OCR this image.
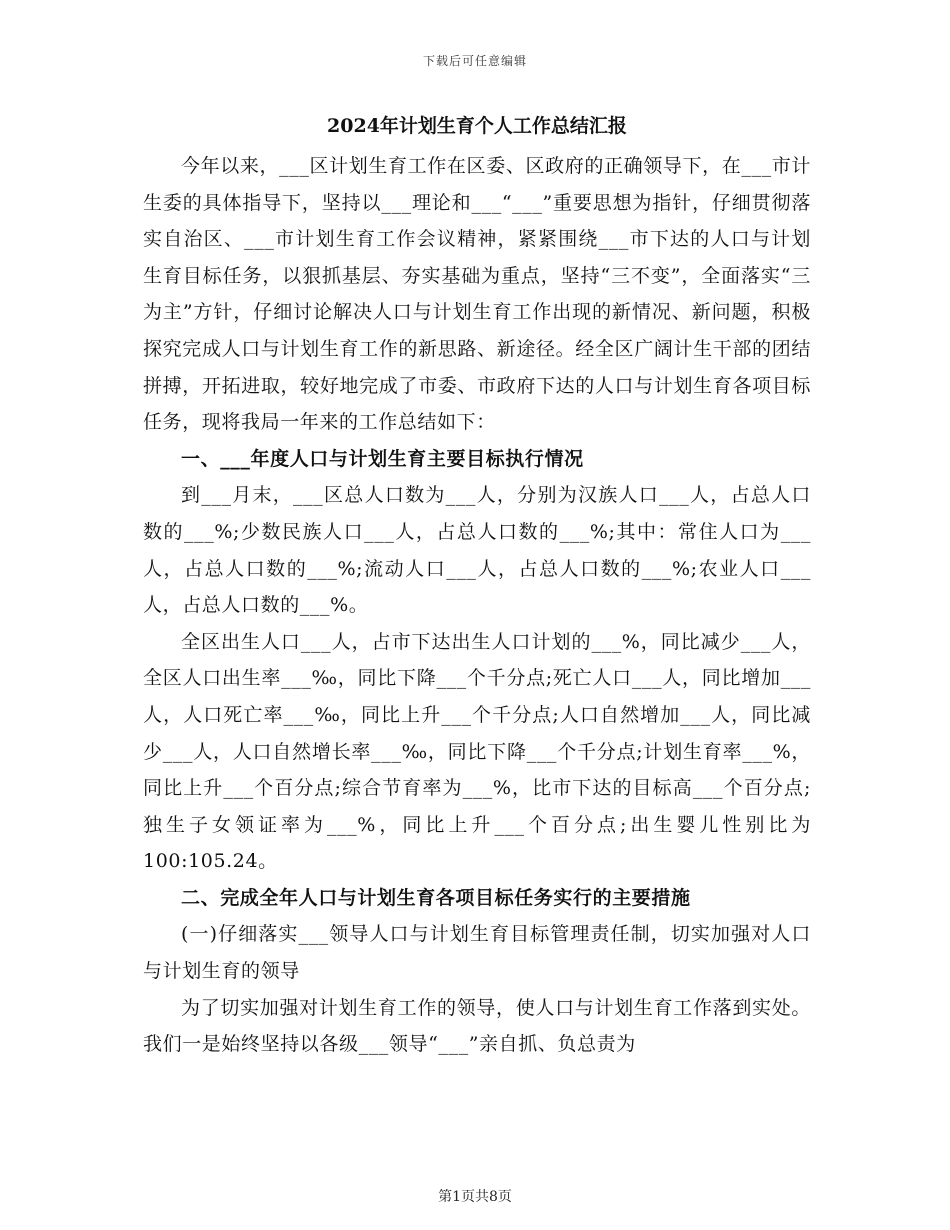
下载后可任意编辑
2024年计划生育个人工作总结汇报

今年以来，___区计划生育工作在区委、区政府的正确领导下，在___市计生委的具体指导下，坚持以___理论和___“___”重要思想为指针，仔细贯彻落实自治区、___市计划生育工作会议精神，紧紧围绕___市下达的人口与计划生育目标任务，以狠抓基层、夯实基础为重点，坚持“三不变”，全面落实“三为主”方针，仔细讨论解决人口与计划生育工作出现的新情况、新问题，积极探究完成人口与计划生育工作的新思路、新途径。经全区广阔计生干部的团结拼搏，开拓进取，较好地完成了市委、市政府下达的人口与计划生育各项目标任务，现将我局一年来的工作总结如下：

一、___年度人口与计划生育主要目标执行情况

到___月末，___区总人口数为___人，分别为汉族人口___人，占总人口数的___%;少数民族人口___人，占总人口数的___%;其中：常住人口为___人，占总人口数的___%;流动人口___人，占总人口数的___%;农业人口___人，占总人口数的___%。

全区出生人口___人，占市下达出生人口计划的___%，同比减少___人，全区人口出生率___‰，同比下降___个千分点;死亡人口___人，同比增加___人，人口死亡率___‰，同比上升___个千分点;人口自然增加___人，同比减少___人，人口自然增长率___‰，同比下降___个千分点;计划生育率___%，同比上升___个百分点;综合节育率为___%，比市下达的目标高___个百分点;独生子女领证率为___%，同比上升___个百分点;出生婴儿性别比为100:105.24。

二、完成全年人口与计划生育各项目标任务实行的主要措施

(一)仔细落实___领导人口与计划生育目标管理责任制，切实加强对人口与计划生育的领导

为了切实加强对计划生育工作的领导，使人口与计划生育工作落到实处。我们一是始终坚持以各级___领导“___”亲自抓、负总责为

第1页共8页
